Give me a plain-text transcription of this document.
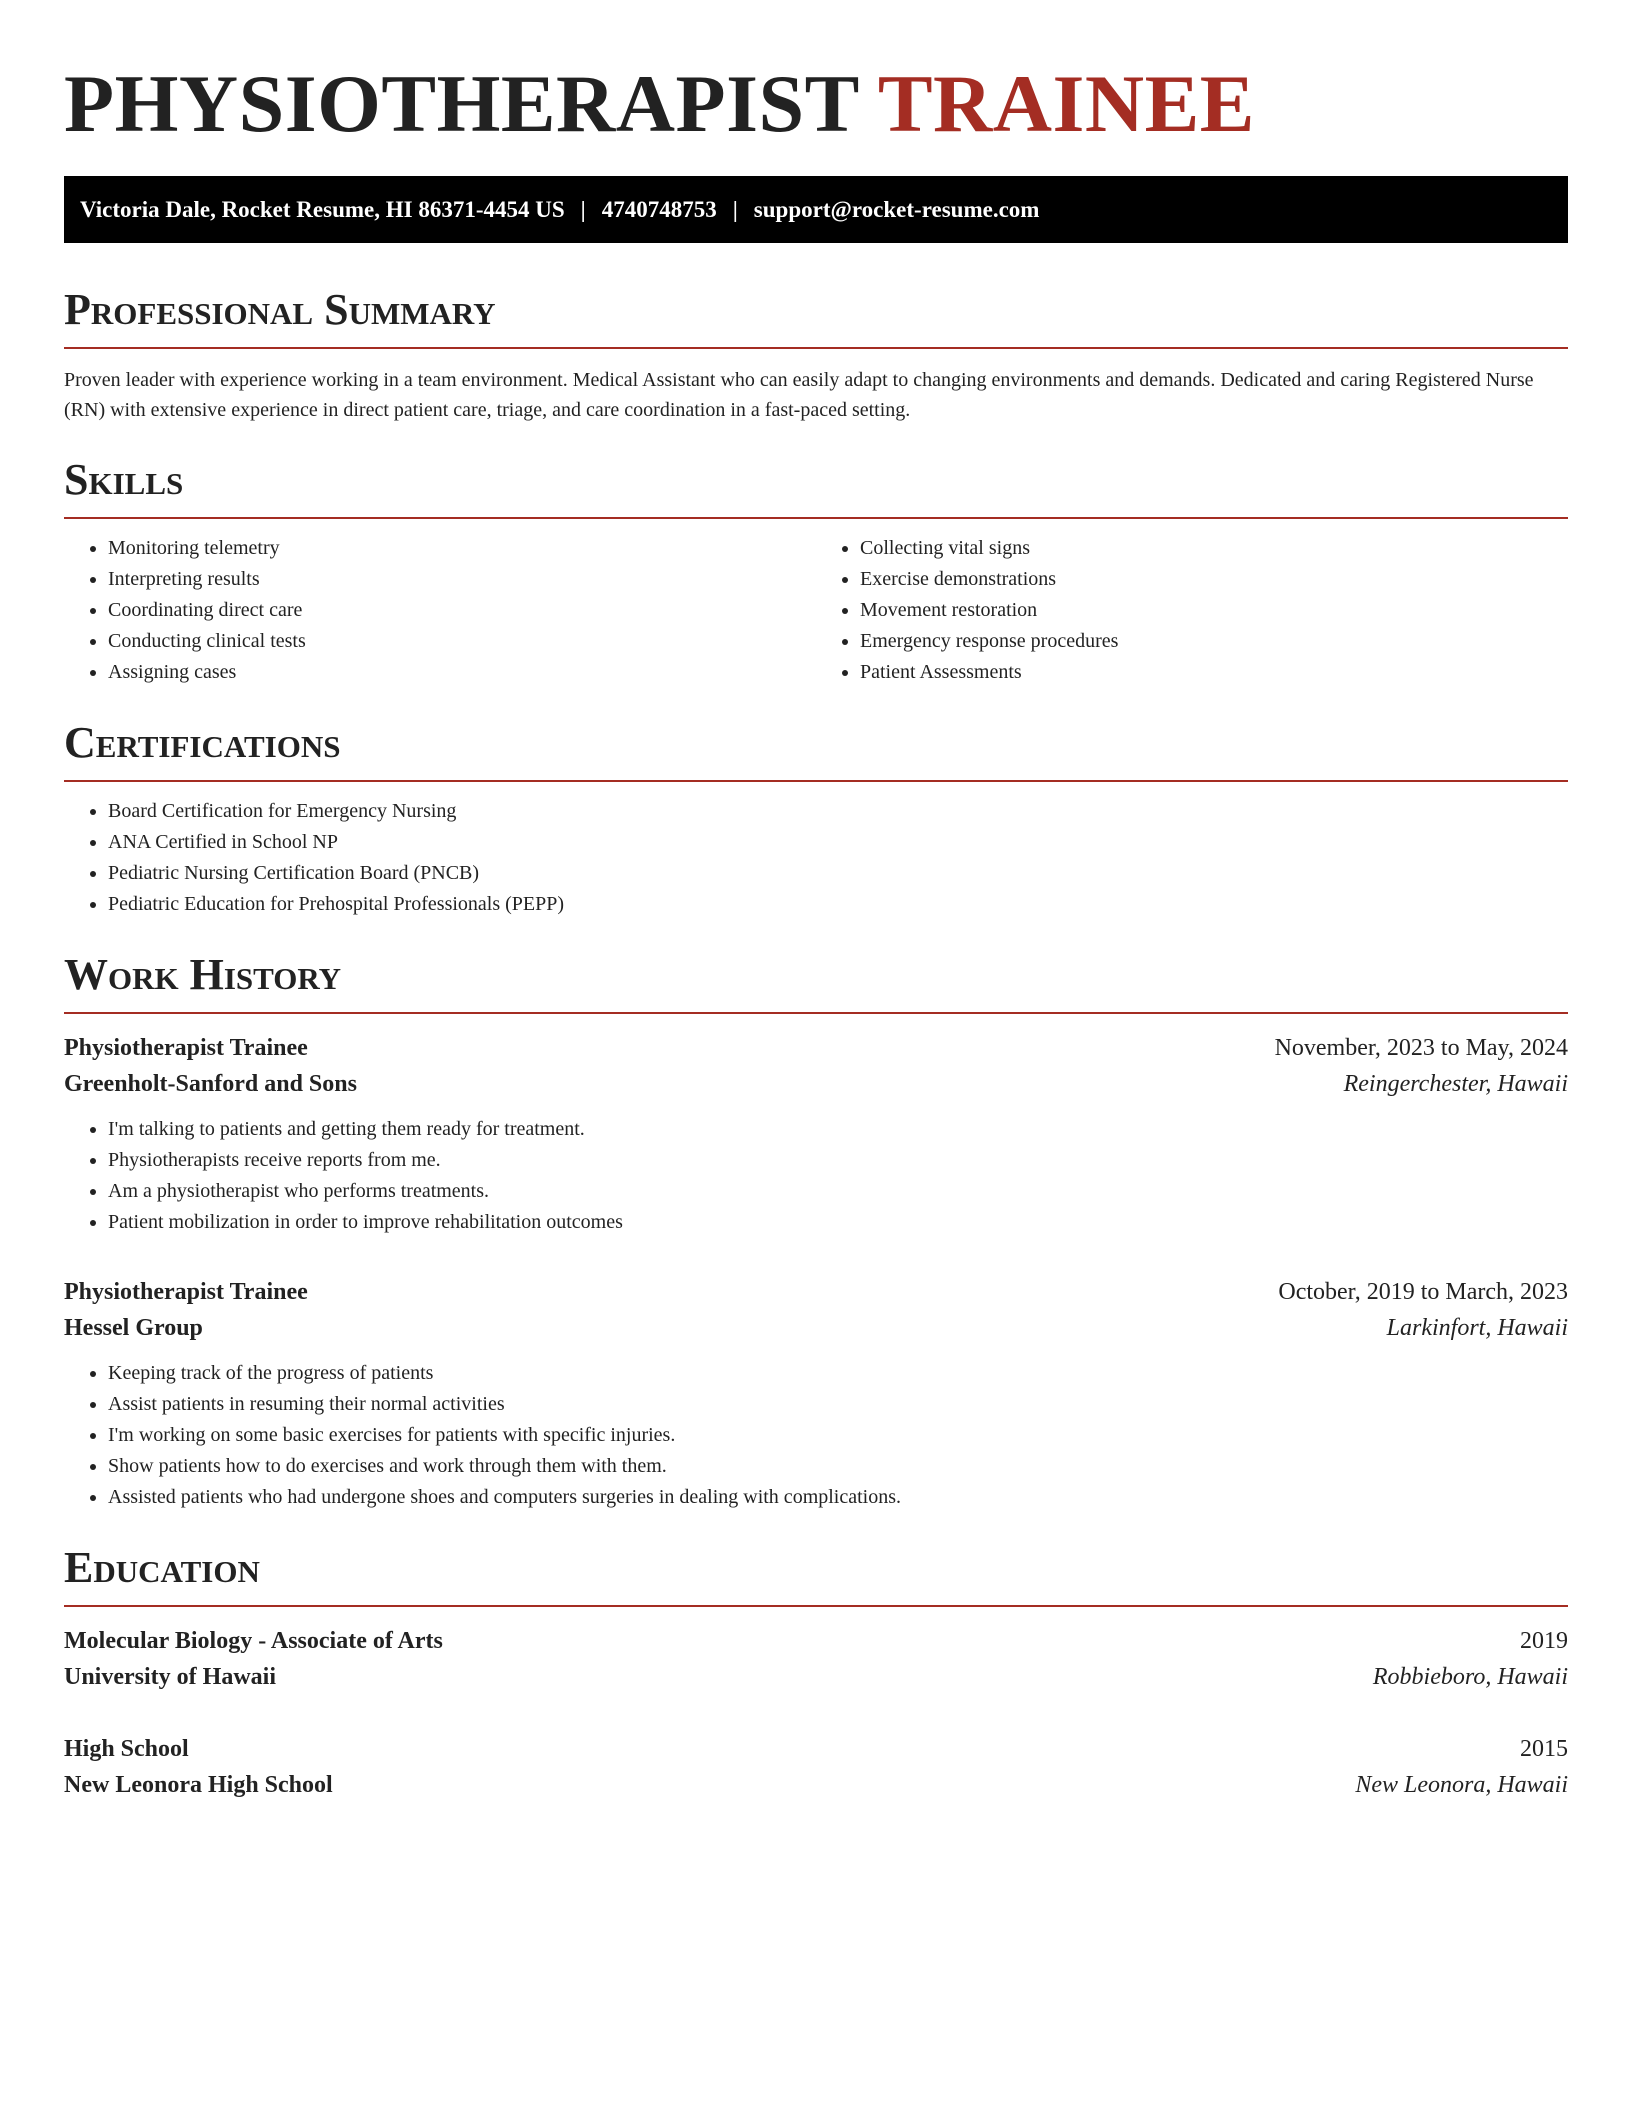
PHYSIOTHERAPIST TRAINEE
Victoria Dale, Rocket Resume, HI 86371-4454 US | 4740748753 | support@rocket-resume.com
Professional Summary
Proven leader with experience working in a team environment. Medical Assistant who can easily adapt to changing environments and demands. Dedicated and caring Registered Nurse (RN) with extensive experience in direct patient care, triage, and care coordination in a fast-paced setting.
Skills
• Monitoring telemetry
• Interpreting results
• Coordinating direct care
• Conducting clinical tests
• Assigning cases
• Collecting vital signs
• Exercise demonstrations
• Movement restoration
• Emergency response procedures
• Patient Assessments
Certifications
• Board Certification for Emergency Nursing
• ANA Certified in School NP
• Pediatric Nursing Certification Board (PNCB)
• Pediatric Education for Prehospital Professionals (PEPP)
Work History
Physiotherapist Trainee	November, 2023 to May, 2024
Greenholt-Sanford and Sons	Reingerchester, Hawaii
• I'm talking to patients and getting them ready for treatment.
• Physiotherapists receive reports from me.
• Am a physiotherapist who performs treatments.
• Patient mobilization in order to improve rehabilitation outcomes
Physiotherapist Trainee	October, 2019 to March, 2023
Hessel Group	Larkinfort, Hawaii
• Keeping track of the progress of patients
• Assist patients in resuming their normal activities
• I'm working on some basic exercises for patients with specific injuries.
• Show patients how to do exercises and work through them with them.
• Assisted patients who had undergone shoes and computers surgeries in dealing with complications.
Education
Molecular Biology - Associate of Arts	2019
University of Hawaii	Robbieboro, Hawaii
High School	2015
New Leonora High School	New Leonora, Hawaii
